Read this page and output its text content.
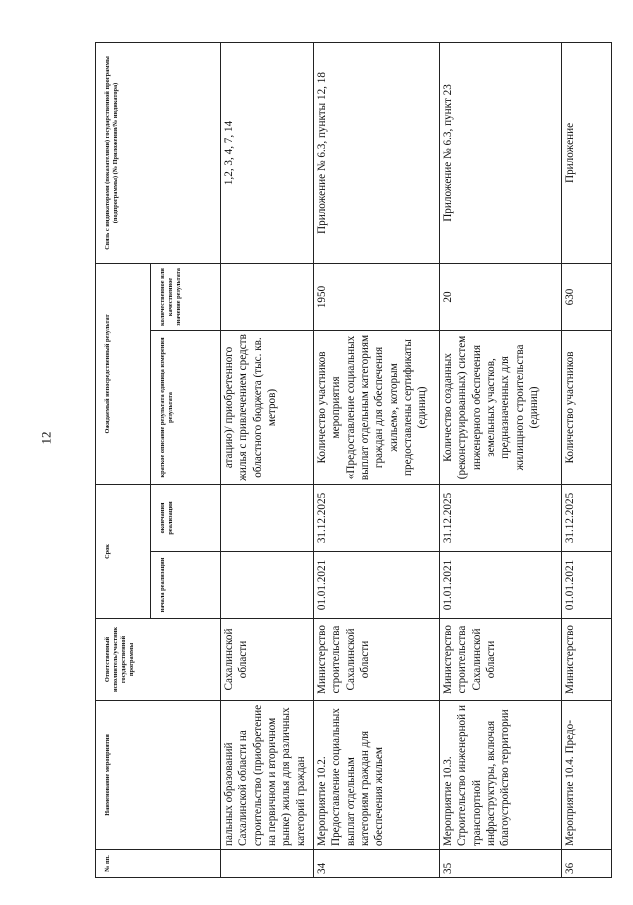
12
№ пп.	Наименование мероприятия	Ответственный исполнитель/участник государственной программы	Срок		Ожидаемый непосредственный результат		Связь с индикаторами (показателями) государственной программы (подпрограммы) (№ Приложения/№ индикатора)
			начала реализации	окончания реализации	краткое описание результата единица измерения результата	количественное или качественное значение результата	
	пальных образований Сахалинской области на строительство (приобретение на первичном и вторичном рынке) жилья для различных категорий граждан	Сахалинской области			атацию)/ приобретенного жилья с привлечением средств областного бюджета (тыс. кв. метров)		1,2, 3, 4, 7, 14
34	Мероприятие 10.2. Предоставление социальных выплат отдельным категориям граждан для обеспечения жильем	Министерство строительства Сахалинской области	01.01.2021	31.12.2025	Количество участников мероприятия «Предоставление социальных выплат отдельным категориям граждан для обеспечения жильем», которым предоставлены сертификаты (единиц)	1950	Приложение № 6.3, пункты 12, 18
35	Мероприятие 10.3. Строительство инженерной и транспортной инфраструктуры, включая благоустройство территории	Министерство строительства Сахалинской области	01.01.2021	31.12.2025	Количество созданных (реконструированных) систем инженерного обеспечения земельных участков, предназначенных для жилищного строительства (единиц)	20	Приложение № 6.3, пункт 23
36	Мероприятие 10.4. Предо-	Министерство	01.01.2021	31.12.2025	Количество участников	630	Приложение
